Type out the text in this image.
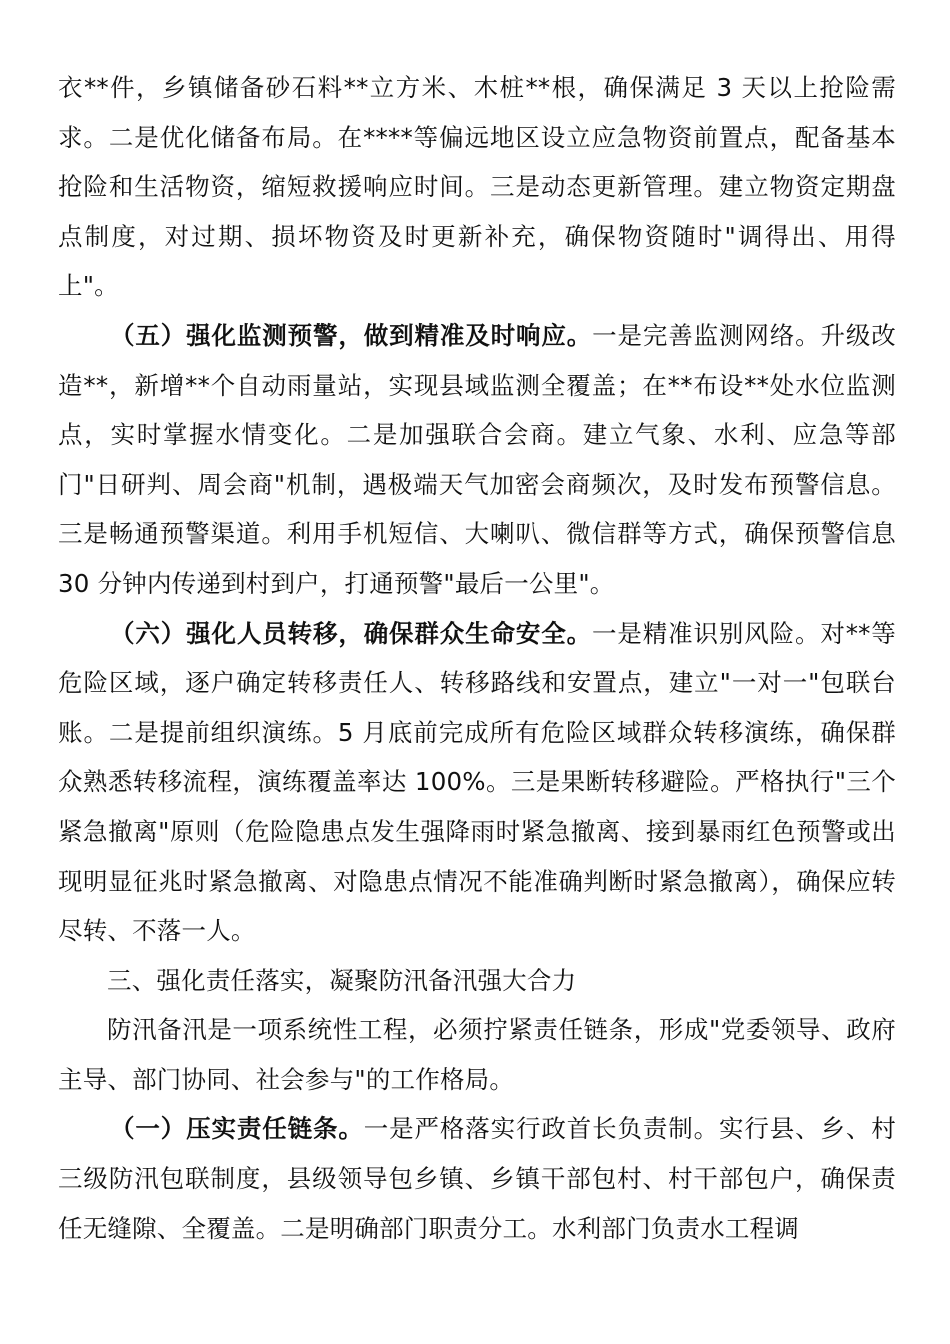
衣**件，乡镇储备砂石料**立方米、木桩**根，确保满足 3 天以上抢险需求。二是优化储备布局。在****等偏远地区设立应急物资前置点，配备基本抢险和生活物资，缩短救援响应时间。三是动态更新管理。建立物资定期盘点制度，对过期、损坏物资及时更新补充，确保物资随时"调得出、用得上"。

（五）强化监测预警，做到精准及时响应。一是完善监测网络。升级改造**，新增**个自动雨量站，实现县域监测全覆盖；在**布设**处水位监测点，实时掌握水情变化。二是加强联合会商。建立气象、水利、应急等部门"日研判、周会商"机制，遇极端天气加密会商频次，及时发布预警信息。三是畅通预警渠道。利用手机短信、大喇叭、微信群等方式，确保预警信息 30 分钟内传递到村到户，打通预警"最后一公里"。

（六）强化人员转移，确保群众生命安全。一是精准识别风险。对**等危险区域，逐户确定转移责任人、转移路线和安置点，建立"一对一"包联台账。二是提前组织演练。5 月底前完成所有危险区域群众转移演练，确保群众熟悉转移流程，演练覆盖率达 100%。三是果断转移避险。严格执行"三个紧急撤离"原则（危险隐患点发生强降雨时紧急撤离、接到暴雨红色预警或出现明显征兆时紧急撤离、对隐患点情况不能准确判断时紧急撤离），确保应转尽转、不落一人。

三、强化责任落实，凝聚防汛备汛强大合力

防汛备汛是一项系统性工程，必须拧紧责任链条，形成"党委领导、政府主导、部门协同、社会参与"的工作格局。

（一）压实责任链条。一是严格落实行政首长负责制。实行县、乡、村三级防汛包联制度，县级领导包乡镇、乡镇干部包村、村干部包户，确保责任无缝隙、全覆盖。二是明确部门职责分工。水利部门负责水工程调
